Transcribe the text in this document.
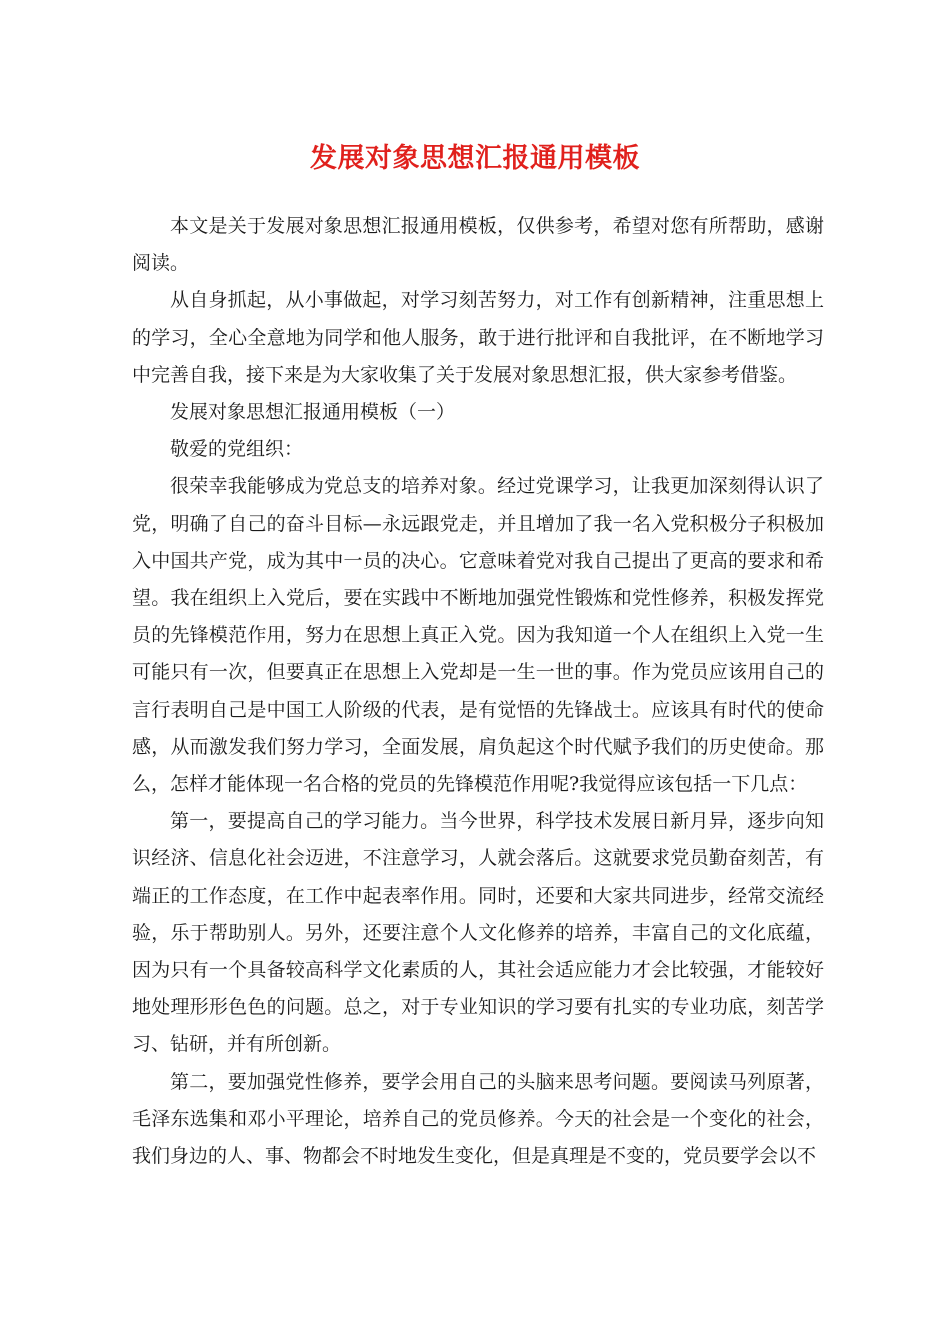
发展对象思想汇报通用模板

本文是关于发展对象思想汇报通用模板，仅供参考，希望对您有所帮助，感谢阅读。

从自身抓起，从小事做起，对学习刻苦努力，对工作有创新精神，注重思想上的学习，全心全意地为同学和他人服务，敢于进行批评和自我批评，在不断地学习中完善自我，接下来是为大家收集了关于发展对象思想汇报，供大家参考借鉴。

发展对象思想汇报通用模板（一）

敬爱的党组织：

很荣幸我能够成为党总支的培养对象。经过党课学习，让我更加深刻得认识了党，明确了自己的奋斗目标—永远跟党走，并且增加了我一名入党积极分子积极加入中国共产党，成为其中一员的决心。它意味着党对我自己提出了更高的要求和希望。我在组织上入党后，要在实践中不断地加强党性锻炼和党性修养，积极发挥党员的先锋模范作用，努力在思想上真正入党。因为我知道一个人在组织上入党一生可能只有一次，但要真正在思想上入党却是一生一世的事。作为党员应该用自己的言行表明自己是中国工人阶级的代表，是有觉悟的先锋战士。应该具有时代的使命感，从而激发我们努力学习，全面发展，肩负起这个时代赋予我们的历史使命。那么，怎样才能体现一名合格的党员的先锋模范作用呢?我觉得应该包括一下几点：

第一，要提高自己的学习能力。当今世界，科学技术发展日新月异，逐步向知识经济、信息化社会迈进，不注意学习，人就会落后。这就要求党员勤奋刻苦，有端正的工作态度，在工作中起表率作用。同时，还要和大家共同进步，经常交流经验，乐于帮助别人。另外，还要注意个人文化修养的培养，丰富自己的文化底蕴，因为只有一个具备较高科学文化素质的人，其社会适应能力才会比较强，才能较好地处理形形色色的问题。总之，对于专业知识的学习要有扎实的专业功底，刻苦学习、钻研，并有所创新。

第二，要加强党性修养，要学会用自己的头脑来思考问题。要阅读马列原著，毛泽东选集和邓小平理论，培养自己的党员修养。今天的社会是一个变化的社会，我们身边的人、事、物都会不时地发生变化，但是真理是不变的，党员要学会以不
